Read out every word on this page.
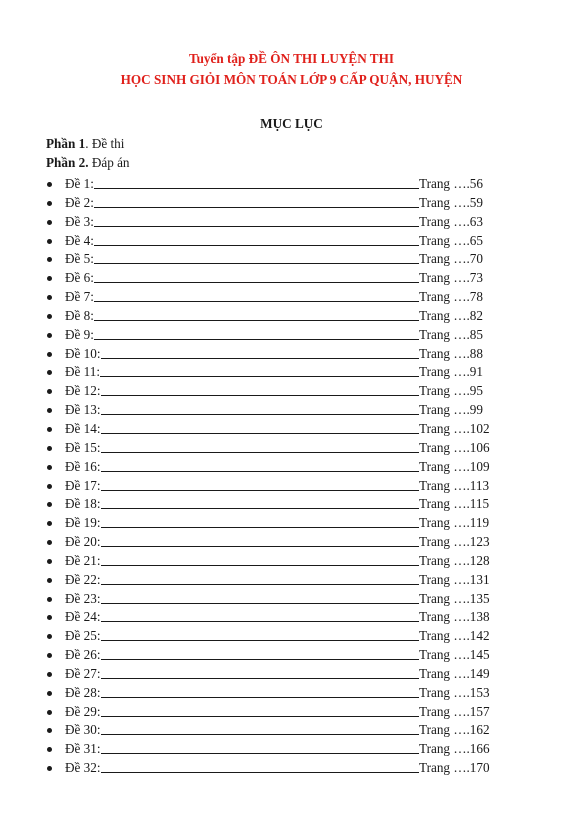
Tuyển tập ĐỀ ÔN THI LUYỆN THI
HỌC SINH GIỎI MÔN TOÁN LỚP 9 CẤP QUẬN, HUYỆN
MỤC LỤC
Phần 1. Đề thi
Phần 2. Đáp án
Đề 1:	Trang ….56
Đề 2:	Trang ….59
Đề 3:	Trang ….63
Đề 4:	Trang ….65
Đề 5:	Trang ….70
Đề 6:	Trang ….73
Đề 7:	Trang ….78
Đề 8:	Trang ….82
Đề 9:	Trang ….85
Đề 10:	Trang ….88
Đề 11:	Trang ….91
Đề 12:	Trang ….95
Đề 13:	Trang ….99
Đề 14:	Trang ….102
Đề 15:	Trang ….106
Đề 16:	Trang ….109
Đề 17:	Trang ….113
Đề 18:	Trang ….115
Đề 19:	Trang ….119
Đề 20:	Trang ….123
Đề 21:	Trang ….128
Đề 22:	Trang ….131
Đề 23:	Trang ….135
Đề 24:	Trang ….138
Đề 25:	Trang ….142
Đề 26:	Trang ….145
Đề 27:	Trang ….149
Đề 28:	Trang ….153
Đề 29:	Trang ….157
Đề 30:	Trang ….162
Đề 31:	Trang ….166
Đề 32:	Trang ….170
